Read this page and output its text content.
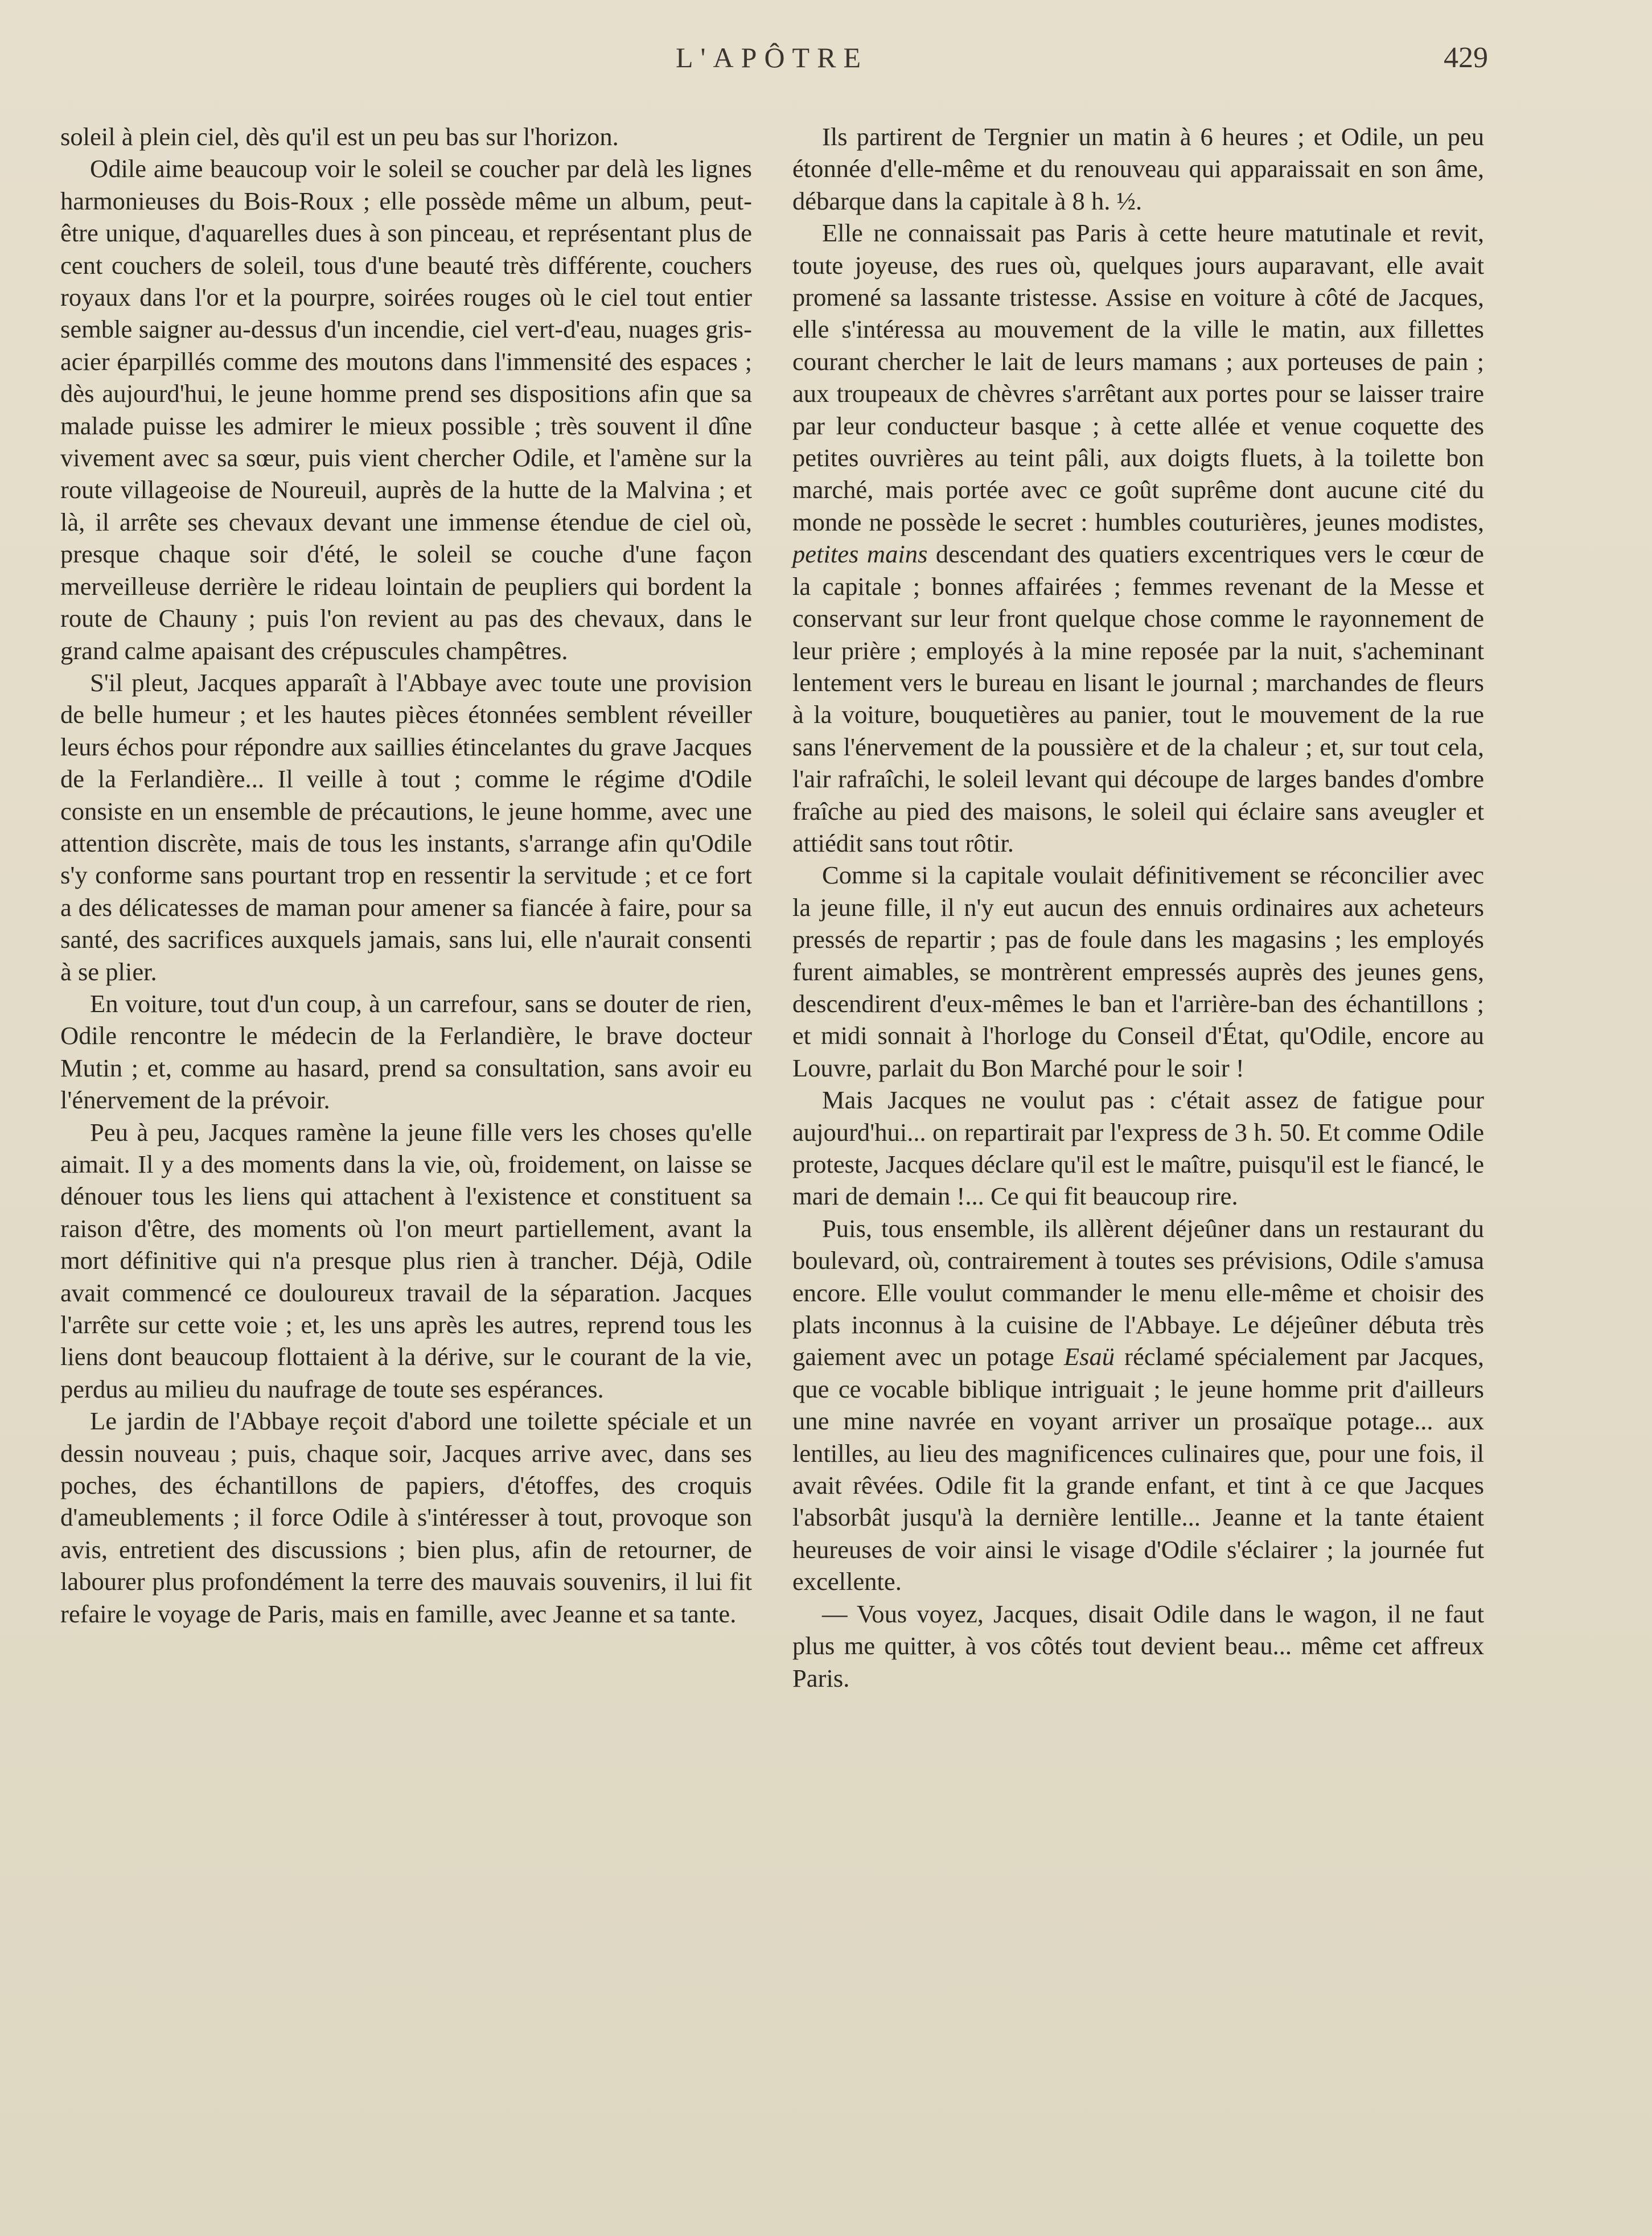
L'APÔTRE	429

soleil à plein ciel, dès qu'il est un peu bas sur l'horizon.

Odile aime beaucoup voir le soleil se coucher par delà les lignes harmonieuses du Bois-Roux ; elle possède même un album, peut-être unique, d'aquarelles dues à son pinceau, et représentant plus de cent couchers de soleil, tous d'une beauté très différente, couchers royaux dans l'or et la pourpre, soirées rouges où le ciel tout entier semble saigner au-dessus d'un incendie, ciel vert-d'eau, nuages gris-acier éparpillés comme des moutons dans l'immensité des espaces ; dès aujourd'hui, le jeune homme prend ses dispositions afin que sa malade puisse les admirer le mieux possible ; très souvent il dîne vivement avec sa sœur, puis vient chercher Odile, et l'amène sur la route villageoise de Noureuil, auprès de la hutte de la Malvina ; et là, il arrête ses chevaux devant une immense étendue de ciel où, presque chaque soir d'été, le soleil se couche d'une façon merveilleuse derrière le rideau lointain de peupliers qui bordent la route de Chauny ; puis l'on revient au pas des chevaux, dans le grand calme apaisant des crépuscules champêtres.

S'il pleut, Jacques apparaît à l'Abbaye avec toute une provision de belle humeur ; et les hautes pièces étonnées semblent réveiller leurs échos pour répondre aux saillies étincelantes du grave Jacques de la Ferlandière... Il veille à tout ; comme le régime d'Odile consiste en un ensemble de précautions, le jeune homme, avec une attention discrète, mais de tous les instants, s'arrange afin qu'Odile s'y conforme sans pourtant trop en ressentir la servitude ; et ce fort a des délicatesses de maman pour amener sa fiancée à faire, pour sa santé, des sacrifices auxquels jamais, sans lui, elle n'aurait consenti à se plier.

En voiture, tout d'un coup, à un carrefour, sans se douter de rien, Odile rencontre le médecin de la Ferlandière, le brave docteur Mutin ; et, comme au hasard, prend sa consultation, sans avoir eu l'énervement de la prévoir.

Peu à peu, Jacques ramène la jeune fille vers les choses qu'elle aimait. Il y a des moments dans la vie, où, froidement, on laisse se dénouer tous les liens qui attachent à l'existence et constituent sa raison d'être, des moments où l'on meurt partiellement, avant la mort définitive qui n'a presque plus rien à trancher. Déjà, Odile avait commencé ce douloureux travail de la séparation. Jacques l'arrête sur cette voie ; et, les uns après les autres, reprend tous les liens dont beaucoup flottaient à la dérive, sur le courant de la vie, perdus au milieu du naufrage de toute ses espérances.

Le jardin de l'Abbaye reçoit d'abord une toilette spéciale et un dessin nouveau ; puis, chaque soir, Jacques arrive avec, dans ses poches, des échantillons de papiers, d'étoffes, des croquis d'ameublements ; il force Odile à s'intéresser à tout, provoque son avis, entretient des discussions ; bien plus, afin de retourner, de labourer plus profondément la terre des mauvais souvenirs, il lui fit refaire le voyage de Paris, mais en famille, avec Jeanne et sa tante.

Ils partirent de Tergnier un matin à 6 heures ; et Odile, un peu étonnée d'elle-même et du renouveau qui apparaissait en son âme, débarque dans la capitale à 8 h. ½.

Elle ne connaissait pas Paris à cette heure matutinale et revit, toute joyeuse, des rues où, quelques jours auparavant, elle avait promené sa lassante tristesse. Assise en voiture à côté de Jacques, elle s'intéressa au mouvement de la ville le matin, aux fillettes courant chercher le lait de leurs mamans ; aux porteuses de pain ; aux troupeaux de chèvres s'arrêtant aux portes pour se laisser traire par leur conducteur basque ; à cette allée et venue coquette des petites ouvrières au teint pâli, aux doigts fluets, à la toilette bon marché, mais portée avec ce goût suprême dont aucune cité du monde ne possède le secret : humbles couturières, jeunes modistes, petites mains descendant des quatiers excentriques vers le cœur de la capitale ; bonnes affairées ; femmes revenant de la Messe et conservant sur leur front quelque chose comme le rayonnement de leur prière ; employés à la mine reposée par la nuit, s'acheminant lentement vers le bureau en lisant le journal ; marchandes de fleurs à la voiture, bouquetières au panier, tout le mouvement de la rue sans l'énervement de la poussière et de la chaleur ; et, sur tout cela, l'air rafraîchi, le soleil levant qui découpe de larges bandes d'ombre fraîche au pied des maisons, le soleil qui éclaire sans aveugler et attiédit sans tout rôtir.

Comme si la capitale voulait définitivement se réconcilier avec la jeune fille, il n'y eut aucun des ennuis ordinaires aux acheteurs pressés de repartir ; pas de foule dans les magasins ; les employés furent aimables, se montrèrent empressés auprès des jeunes gens, descendirent d'eux-mêmes le ban et l'arrière-ban des échantillons ; et midi sonnait à l'horloge du Conseil d'État, qu'Odile, encore au Louvre, parlait du Bon Marché pour le soir !

Mais Jacques ne voulut pas : c'était assez de fatigue pour aujourd'hui... on repartirait par l'express de 3 h. 50. Et comme Odile proteste, Jacques déclare qu'il est le maître, puisqu'il est le fiancé, le mari de demain !... Ce qui fit beaucoup rire.

Puis, tous ensemble, ils allèrent déjeûner dans un restaurant du boulevard, où, contrairement à toutes ses prévisions, Odile s'amusa encore. Elle voulut commander le menu elle-même et choisir des plats inconnus à la cuisine de l'Abbaye. Le déjeûner débuta très gaiement avec un potage Esaü réclamé spécialement par Jacques, que ce vocable biblique intriguait ; le jeune homme prit d'ailleurs une mine navrée en voyant arriver un prosaïque potage... aux lentilles, au lieu des magnificences culinaires que, pour une fois, il avait rêvées. Odile fit la grande enfant, et tint à ce que Jacques l'absorbât jusqu'à la dernière lentille... Jeanne et la tante étaient heureuses de voir ainsi le visage d'Odile s'éclairer ; la journée fut excellente.

— Vous voyez, Jacques, disait Odile dans le wagon, il ne faut plus me quitter, à vos côtés tout devient beau... même cet affreux Paris.
